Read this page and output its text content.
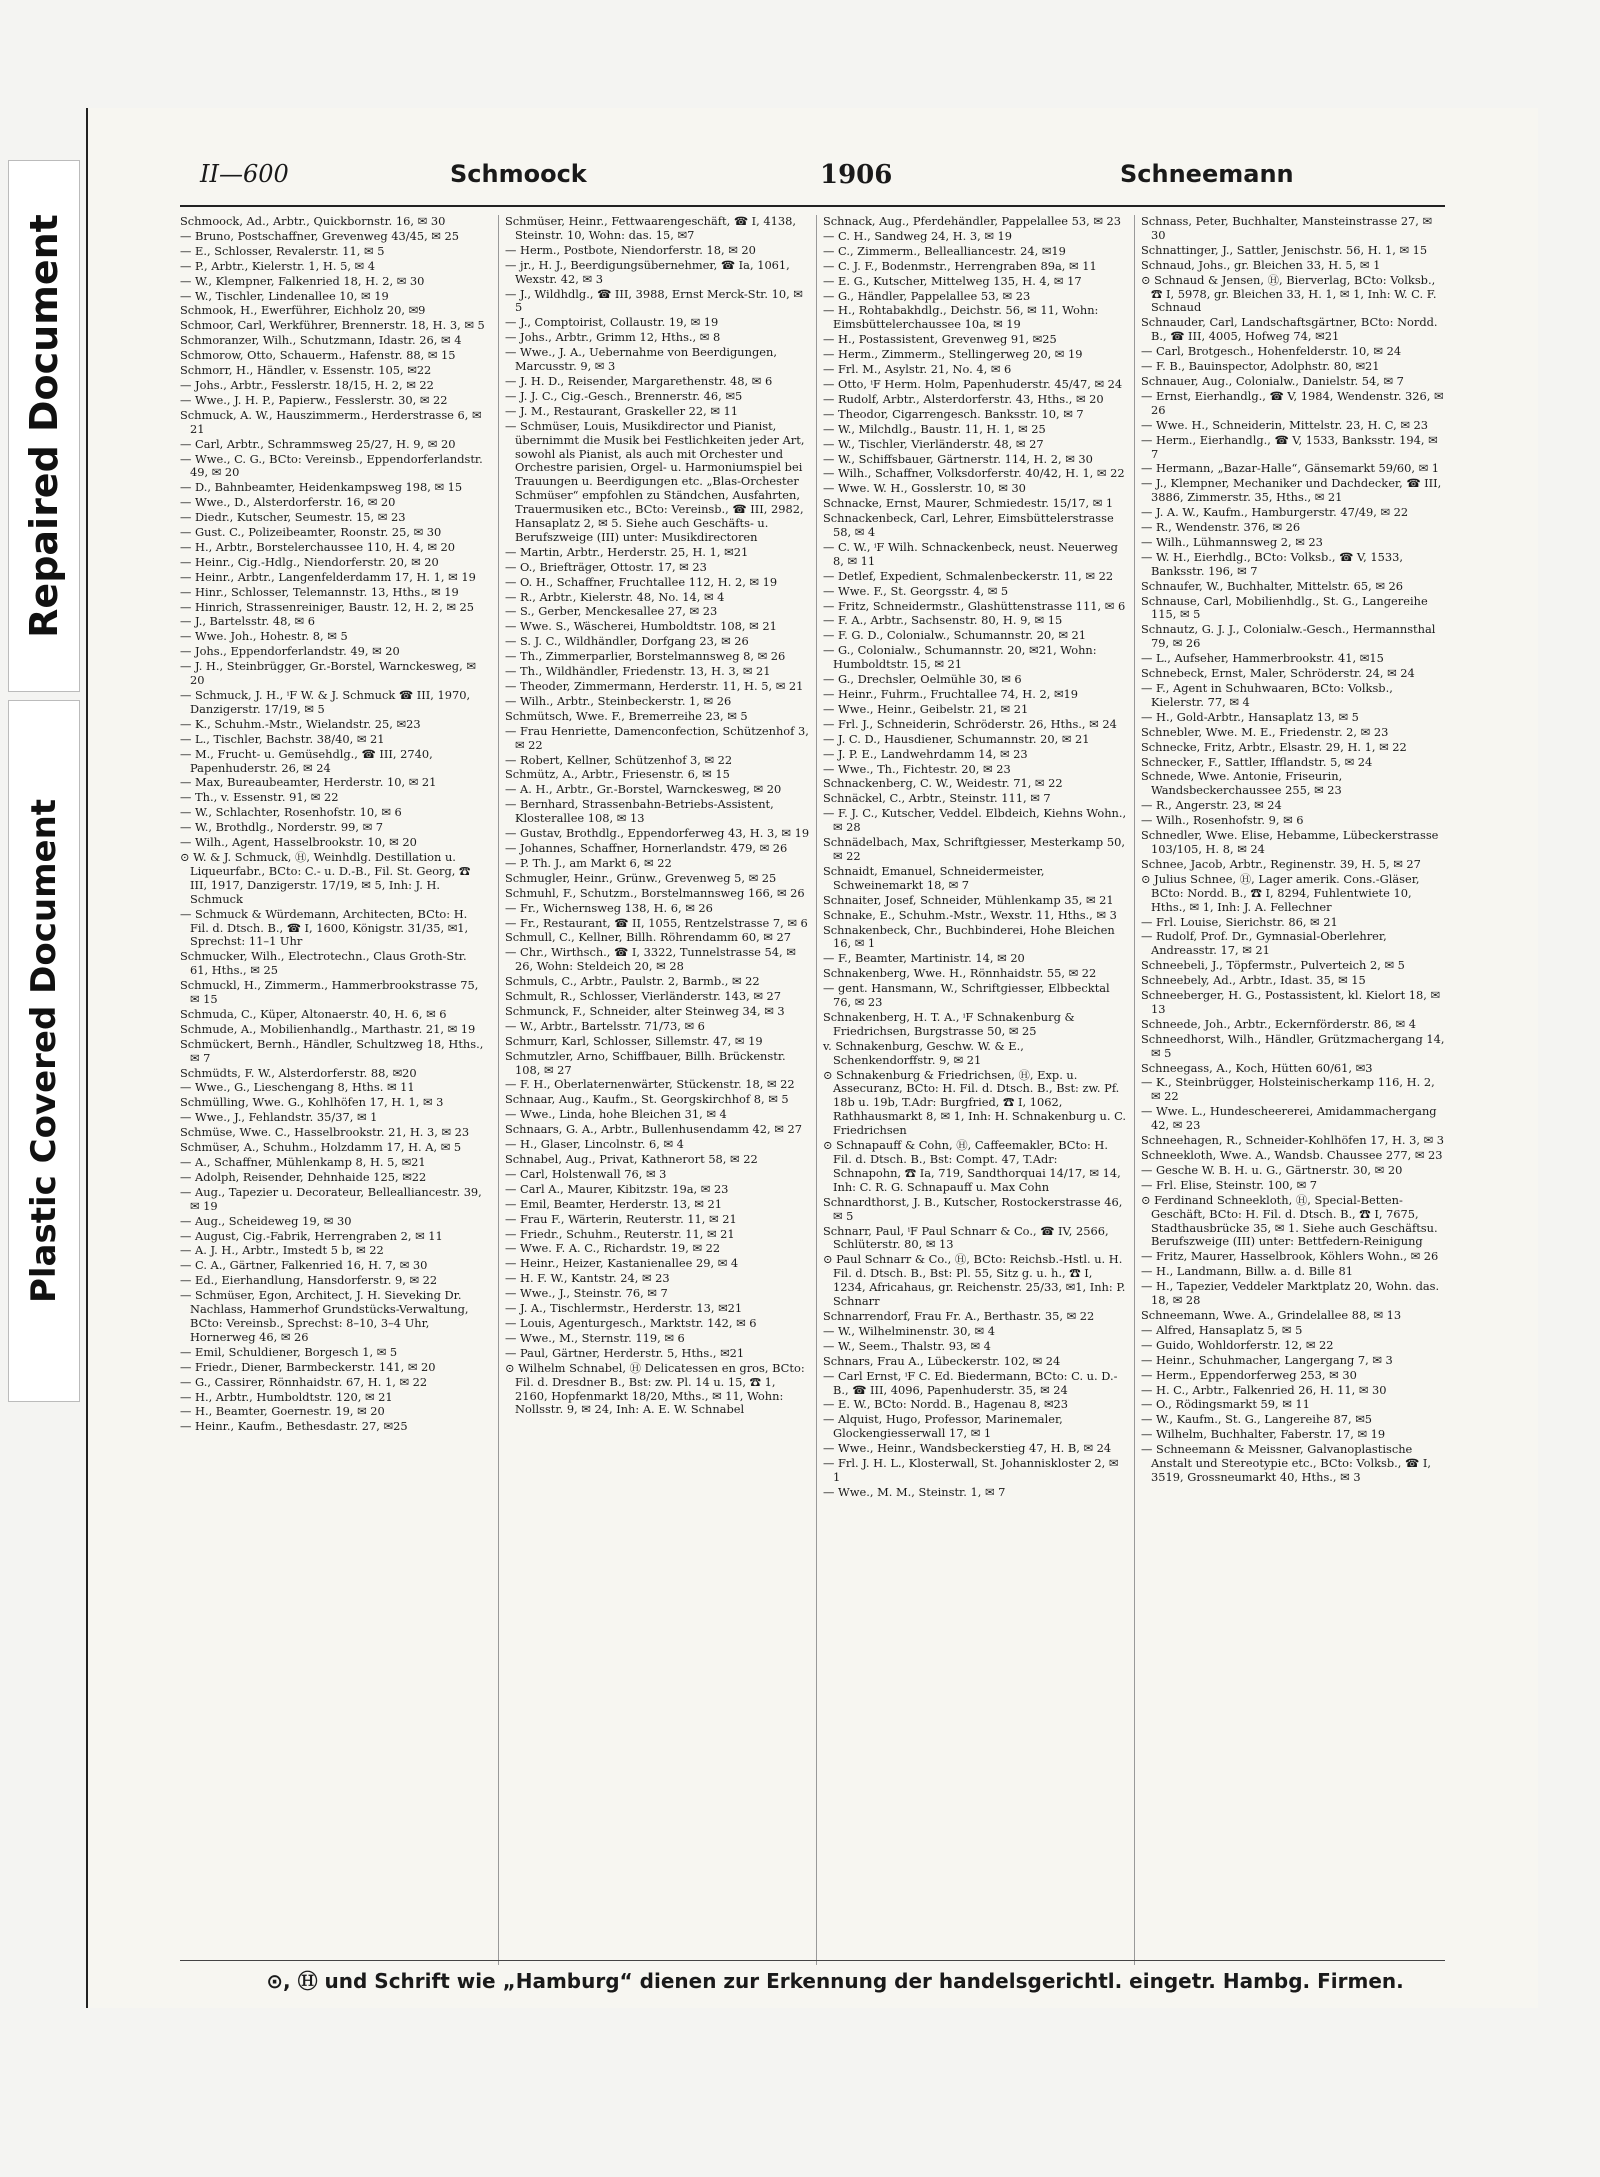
Repaired Document
Plastic Covered Document
II—600	Schmoock	1906	Schneemann
Schmoock, Ad., Arbtr., Quickbornstr. 16, ✉ 30
— Bruno, Postschaffner, Grevenweg 43/45, ✉ 25
— E., Schlosser, Revalerstr. 11, ✉ 5
— P., Arbtr., Kielerstr. 1, H. 5, ✉ 4
— W., Klempner, Falkenried 18, H. 2, ✉ 30
— W., Tischler, Lindenallee 10, ✉ 19
Schmook, H., Ewerführer, Eichholz 20, ✉9
Schmoor, Carl, Werkführer, Brennerstr. 18, H. 3, ✉ 5
Schmoranzer, Wilh., Schutzmann, Idastr. 26, ✉ 4
Schmorow, Otto, Schauerm., Hafenstr. 88, ✉ 15
Schmorr, H., Händler, v. Essenstr. 105, ✉22
— Johs., Arbtr., Fesslerstr. 18/15, H. 2, ✉ 22
— Wwe., J. H. P., Papierw., Fesslerstr. 30, ✉ 22
Schmuck, A. W., Hauszimmerm., Herderstrasse 6, ✉ 21
— Carl, Arbtr., Schrammsweg 25/27, H. 9, ✉ 20
— Wwe., C. G., BCto: Vereinsb., Eppendorferlandstr. 49, ✉ 20
— D., Bahnbeamter, Heidenkampsweg 198, ✉ 15
— Wwe., D., Alsterdorferstr. 16, ✉ 20
— Diedr., Kutscher, Seumestr. 15, ✉ 23
— Gust. C., Polizeibeamter, Roonstr. 25, ✉ 30
— H., Arbtr., Borstelerchaussee 110, H. 4, ✉ 20
— Heinr., Cig.-Hdlg., Niendorferstr. 20, ✉ 20
— Heinr., Arbtr., Langenfelderdamm 17, H. 1, ✉ 19
— Hinr., Schlosser, Telemannstr. 13, Hths., ✉ 19
— Hinrich, Strassenreiniger, Baustr. 12, H. 2, ✉ 25
— J., Bartelsstr. 48, ✉ 6
— Wwe. Joh., Hohestr. 8, ✉ 5
— Johs., Eppendorferlandstr. 49, ✉ 20
— J. H., Steinbrügger, Gr.-Borstel, Warnckesweg, ✉ 20
— Schmuck, J. H., ⁱF W. & J. Schmuck ☎ III, 1970, Danzigerstr. 17/19, ✉ 5
— K., Schuhm.-Mstr., Wielandstr. 25, ✉23
— L., Tischler, Bachstr. 38/40, ✉ 21
— M., Frucht- u. Gemüsehdlg., ☎ III, 2740, Papenhuderstr. 26, ✉ 24
— Max, Bureaubeamter, Herderstr. 10, ✉ 21
— Th., v. Essenstr. 91, ✉ 22
— W., Schlachter, Rosenhofstr. 10, ✉ 6
— W., Brothdlg., Norderstr. 99, ✉ 7
— Wilh., Agent, Hasselbrookstr. 10, ✉ 20
⊙ W. & J. Schmuck, Ⓗ, Weinhdlg. Destillation u. Liqueurfabr., BCto: C.- u. D.-B., Fil. St. Georg, ☎ III, 1917, Danzigerstr. 17/19, ✉ 5, Inh: J. H. Schmuck
— Schmuck & Würdemann, Architecten, BCto: H. Fil. d. Dtsch. B., ☎ I, 1600, Königstr. 31/35, ✉1, Sprechst: 11–1 Uhr
Schmucker, Wilh., Electrotechn., Claus Groth-Str. 61, Hths., ✉ 25
Schmuckl, H., Zimmerm., Hammerbrookstrasse 75, ✉ 15
Schmuda, C., Küper, Altonaerstr. 40, H. 6, ✉ 6
Schmude, A., Mobilienhandlg., Marthastr. 21, ✉ 19
Schmückert, Bernh., Händler, Schultzweg 18, Hths., ✉ 7
Schmüdts, F. W., Alsterdorferstr. 88, ✉20
— Wwe., G., Lieschengang 8, Hths. ✉ 11
Schmülling, Wwe. G., Kohlhöfen 17, H. 1, ✉ 3
— Wwe., J., Fehlandstr. 35/37, ✉ 1
Schmüse, Wwe. C., Hasselbrookstr. 21, H. 3, ✉ 23
Schmüser, A., Schuhm., Holzdamm 17, H. A, ✉ 5
— A., Schaffner, Mühlenkamp 8, H. 5, ✉21
— Adolph, Reisender, Dehnhaide 125, ✉22
— Aug., Tapezier u. Decorateur, Bellealliancestr. 39, ✉ 19
— Aug., Scheideweg 19, ✉ 30
— August, Cig.-Fabrik, Herrengraben 2, ✉ 11
— A. J. H., Arbtr., Imstedt 5 b, ✉ 22
— C. A., Gärtner, Falkenried 16, H. 7, ✉ 30
— Ed., Eierhandlung, Hansdorferstr. 9, ✉ 22
— Schmüser, Egon, Architect, J. H. Sieveking Dr. Nachlass, Hammerhof Grundstücks-Verwaltung, BCto: Vereinsb., Sprechst: 8–10, 3–4 Uhr, Hornerweg 46, ✉ 26
— Emil, Schuldiener, Borgesch 1, ✉ 5
— Friedr., Diener, Barmbeckerstr. 141, ✉ 20
— G., Cassirer, Rönnhaidstr. 67, H. 1, ✉ 22
— H., Arbtr., Humboldtstr. 120, ✉ 21
— H., Beamter, Goernestr. 19, ✉ 20
— Heinr., Kaufm., Bethesdastr. 27, ✉25
Schmüser, Heinr., Fettwaarengeschäft, ☎ I, 4138, Steinstr. 10, Wohn: das. 15, ✉7
— Herm., Postbote, Niendorferstr. 18, ✉ 20
— jr., H. J., Beerdigungsübernehmer, ☎ Ia, 1061, Wexstr. 42, ✉ 3
— J., Wildhdlg., ☎ III, 3988, Ernst Merck-Str. 10, ✉ 5
— J., Comptoirist, Collaustr. 19, ✉ 19
— Johs., Arbtr., Grimm 12, Hths., ✉ 8
— Wwe., J. A., Uebernahme von Beerdigungen, Marcusstr. 9, ✉ 3
— J. H. D., Reisender, Margarethenstr. 48, ✉ 6
— J. J. C., Cig.-Gesch., Brennerstr. 46, ✉5
— J. M., Restaurant, Graskeller 22, ✉ 11
— Schmüser, Louis, Musikdirector und Pianist, übernimmt die Musik bei Festlichkeiten jeder Art, sowohl als Pianist, als auch mit Orchester und Orchestre parisien, Orgel- u. Harmoniumspiel bei Trauungen u. Beerdigungen etc. „Blas-Orchester Schmüser“ empfohlen zu Ständchen, Ausfahrten, Trauermusiken etc., BCto: Vereinsb., ☎ III, 2982, Hansaplatz 2, ✉ 5. Siehe auch Geschäfts- u. Berufszweige (III) unter: Musikdirectoren
— Martin, Arbtr., Herderstr. 25, H. 1, ✉21
— O., Briefträger, Ottostr. 17, ✉ 23
— O. H., Schaffner, Fruchtallee 112, H. 2, ✉ 19
— R., Arbtr., Kielerstr. 48, No. 14, ✉ 4
— S., Gerber, Menckesallee 27, ✉ 23
— Wwe. S., Wäscherei, Humboldtstr. 108, ✉ 21
— S. J. C., Wildhändler, Dorfgang 23, ✉ 26
— Th., Zimmerparlier, Borstelmannsweg 8, ✉ 26
— Th., Wildhändler, Friedenstr. 13, H. 3, ✉ 21
— Theoder, Zimmermann, Herderstr. 11, H. 5, ✉ 21
— Wilh., Arbtr., Steinbeckerstr. 1, ✉ 26
Schmütsch, Wwe. F., Bremerreihe 23, ✉ 5
— Frau Henriette, Damenconfection, Schützenhof 3, ✉ 22
— Robert, Kellner, Schützenhof 3, ✉ 22
Schmütz, A., Arbtr., Friesenstr. 6, ✉ 15
— A. H., Arbtr., Gr.-Borstel, Warnckesweg, ✉ 20
— Bernhard, Strassenbahn-Betriebs-Assistent, Klosterallee 108, ✉ 13
— Gustav, Brothdlg., Eppendorferweg 43, H. 3, ✉ 19
— Johannes, Schaffner, Hornerlandstr. 479, ✉ 26
— P. Th. J., am Markt 6, ✉ 22
Schmugler, Heinr., Grünw., Grevenweg 5, ✉ 25
Schmuhl, F., Schutzm., Borstelmannsweg 166, ✉ 26
— Fr., Wichernsweg 138, H. 6, ✉ 26
— Fr., Restaurant, ☎ II, 1055, Rentzelstrasse 7, ✉ 6
Schmull, C., Kellner, Billh. Röhrendamm 60, ✉ 27
— Chr., Wirthsch., ☎ I, 3322, Tunnelstrasse 54, ✉ 26, Wohn: Steldeich 20, ✉ 28
Schmuls, C., Arbtr., Paulstr. 2, Barmb., ✉ 22
Schmult, R., Schlosser, Vierländerstr. 143, ✉ 27
Schmunck, F., Schneider, alter Steinweg 34, ✉ 3
— W., Arbtr., Bartelsstr. 71/73, ✉ 6
Schmurr, Karl, Schlosser, Sillemstr. 47, ✉ 19
Schmutzler, Arno, Schiffbauer, Billh. Brückenstr. 108, ✉ 27
— F. H., Oberlaternenwärter, Stückenstr. 18, ✉ 22
Schnaar, Aug., Kaufm., St. Georgskirchhof 8, ✉ 5
— Wwe., Linda, hohe Bleichen 31, ✉ 4
Schnaars, G. A., Arbtr., Bullenhusendamm 42, ✉ 27
— H., Glaser, Lincolnstr. 6, ✉ 4
Schnabel, Aug., Privat, Kathnerort 58, ✉ 22
— Carl, Holstenwall 76, ✉ 3
— Carl A., Maurer, Kibitzstr. 19a, ✉ 23
— Emil, Beamter, Herderstr. 13, ✉ 21
— Frau F., Wärterin, Reuterstr. 11, ✉ 21
— Friedr., Schuhm., Reuterstr. 11, ✉ 21
— Wwe. F. A. C., Richardstr. 19, ✉ 22
— Heinr., Heizer, Kastanienallee 29, ✉ 4
— H. F. W., Kantstr. 24, ✉ 23
— Wwe., J., Steinstr. 76, ✉ 7
— J. A., Tischlermstr., Herderstr. 13, ✉21
— Louis, Agenturgesch., Marktstr. 142, ✉ 6
— Wwe., M., Sternstr. 119, ✉ 6
— Paul, Gärtner, Herderstr. 5, Hths., ✉21
⊙ Wilhelm Schnabel, Ⓗ Delicatessen en gros, BCto: Fil. d. Dresdner B., Bst: zw. Pl. 14 u. 15, ☎ 1, 2160, Hopfenmarkt 18/20, Mths., ✉ 11, Wohn: Nollsstr. 9, ✉ 24, Inh: A. E. W. Schnabel
Schnack, Aug., Pferdehändler, Pappelallee 53, ✉ 23
— C. H., Sandweg 24, H. 3, ✉ 19
— C., Zimmerm., Bellealliancestr. 24, ✉19
— C. J. F., Bodenmstr., Herrengraben 89a, ✉ 11
— E. G., Kutscher, Mittelweg 135, H. 4, ✉ 17
— G., Händler, Pappelallee 53, ✉ 23
— H., Rohtabakhdlg., Deichstr. 56, ✉ 11, Wohn: Eimsbüttelerchaussee 10a, ✉ 19
— H., Postassistent, Grevenweg 91, ✉25
— Herm., Zimmerm., Stellingerweg 20, ✉ 19
— Frl. M., Asylstr. 21, No. 4, ✉ 6
— Otto, ⁱF Herm. Holm, Papenhuderstr. 45/47, ✉ 24
— Rudolf, Arbtr., Alsterdorferstr. 43, Hths., ✉ 20
— Theodor, Cigarrengesch. Banksstr. 10, ✉ 7
— W., Milchdlg., Baustr. 11, H. 1, ✉ 25
— W., Tischler, Vierländerstr. 48, ✉ 27
— W., Schiffsbauer, Gärtnerstr. 114, H. 2, ✉ 30
— Wilh., Schaffner, Volksdorferstr. 40/42, H. 1, ✉ 22
— Wwe. W. H., Gosslerstr. 10, ✉ 30
Schnacke, Ernst, Maurer, Schmiedestr. 15/17, ✉ 1
Schnackenbeck, Carl, Lehrer, Eimsbüttelerstrasse 58, ✉ 4
— C. W., ⁱF Wilh. Schnackenbeck, neust. Neuerweg 8, ✉ 11
— Detlef, Expedient, Schmalenbeckerstr. 11, ✉ 22
— Wwe. F., St. Georgsstr. 4, ✉ 5
— Fritz, Schneidermstr., Glashüttenstrasse 111, ✉ 6
— F. A., Arbtr., Sachsenstr. 80, H. 9, ✉ 15
— F. G. D., Colonialw., Schumannstr. 20, ✉ 21
— G., Colonialw., Schumannstr. 20, ✉21, Wohn: Humboldtstr. 15, ✉ 21
— G., Drechsler, Oelmühle 30, ✉ 6
— Heinr., Fuhrm., Fruchtallee 74, H. 2, ✉19
— Wwe., Heinr., Geibelstr. 21, ✉ 21
— Frl. J., Schneiderin, Schröderstr. 26, Hths., ✉ 24
— J. C. D., Hausdiener, Schumannstr. 20, ✉ 21
— J. P. E., Landwehrdamm 14, ✉ 23
— Wwe., Th., Fichtestr. 20, ✉ 23
Schnackenberg, C. W., Weidestr. 71, ✉ 22
Schnäckel, C., Arbtr., Steinstr. 111, ✉ 7
— F. J. C., Kutscher, Veddel. Elbdeich, Kiehns Wohn., ✉ 28
Schnädelbach, Max, Schriftgiesser, Mesterkamp 50, ✉ 22
Schnaidt, Emanuel, Schneidermeister, Schweinemarkt 18, ✉ 7
Schnaiter, Josef, Schneider, Mühlenkamp 35, ✉ 21
Schnake, E., Schuhm.-Mstr., Wexstr. 11, Hths., ✉ 3
Schnakenbeck, Chr., Buchbinderei, Hohe Bleichen 16, ✉ 1
— F., Beamter, Martinistr. 14, ✉ 20
Schnakenberg, Wwe. H., Rönnhaidstr. 55, ✉ 22
— gent. Hansmann, W., Schriftgiesser, Elbbecktal 76, ✉ 23
Schnakenberg, H. T. A., ⁱF Schnakenburg & Friedrichsen, Burgstrasse 50, ✉ 25
v. Schnakenburg, Geschw. W. & E., Schenkendorffstr. 9, ✉ 21
⊙ Schnakenburg & Friedrichsen, Ⓗ, Exp. u. Assecuranz, BCto: H. Fil. d. Dtsch. B., Bst: zw. Pf. 18b u. 19b, T.Adr: Burgfried, ☎ I, 1062, Rathhausmarkt 8, ✉ 1, Inh: H. Schnakenburg u. C. Friedrichsen
⊙ Schnapauff & Cohn, Ⓗ, Caffeemakler, BCto: H. Fil. d. Dtsch. B., Bst: Compt. 47, T.Adr: Schnapohn, ☎ Ia, 719, Sandthorquai 14/17, ✉ 14, Inh: C. R. G. Schnapauff u. Max Cohn
Schnardthorst, J. B., Kutscher, Rostockerstrasse 46, ✉ 5
Schnarr, Paul, ⁱF Paul Schnarr & Co., ☎ IV, 2566, Schlüterstr. 80, ✉ 13
⊙ Paul Schnarr & Co., Ⓗ, BCto: Reichsb.-Hstl. u. H. Fil. d. Dtsch. B., Bst: Pl. 55, Sitz g. u. h., ☎ I, 1234, Africahaus, gr. Reichenstr. 25/33, ✉1, Inh: P. Schnarr
Schnarrendorf, Frau Fr. A., Berthastr. 35, ✉ 22
— W., Wilhelminenstr. 30, ✉ 4
— W., Seem., Thalstr. 93, ✉ 4
Schnars, Frau A., Lübeckerstr. 102, ✉ 24
— Carl Ernst, ⁱF C. Ed. Biedermann, BCto: C. u. D.-B., ☎ III, 4096, Papenhuderstr. 35, ✉ 24
— E. W., BCto: Nordd. B., Hagenau 8, ✉23
— Alquist, Hugo, Professor, Marinemaler, Glockengiesserwall 17, ✉ 1
— Wwe., Heinr., Wandsbeckerstieg 47, H. B, ✉ 24
— Frl. J. H. L., Klosterwall, St. Johanniskloster 2, ✉ 1
— Wwe., M. M., Steinstr. 1, ✉ 7
Schnass, Peter, Buchhalter, Mansteinstrasse 27, ✉ 30
Schnattinger, J., Sattler, Jenischstr. 56, H. 1, ✉ 15
Schnaud, Johs., gr. Bleichen 33, H. 5, ✉ 1
⊙ Schnaud & Jensen, Ⓗ, Bierverlag, BCto: Volksb., ☎ I, 5978, gr. Bleichen 33, H. 1, ✉ 1, Inh: W. C. F. Schnaud
Schnauder, Carl, Landschaftsgärtner, BCto: Nordd. B., ☎ III, 4005, Hofweg 74, ✉21
— Carl, Brotgesch., Hohenfelderstr. 10, ✉ 24
— F. B., Bauinspector, Adolphstr. 80, ✉21
Schnauer, Aug., Colonialw., Danielstr. 54, ✉ 7
— Ernst, Eierhandlg., ☎ V, 1984, Wendenstr. 326, ✉ 26
— Wwe. H., Schneiderin, Mittelstr. 23, H. C, ✉ 23
— Herm., Eierhandlg., ☎ V, 1533, Banksstr. 194, ✉ 7
— Hermann, „Bazar-Halle“, Gänsemarkt 59/60, ✉ 1
— J., Klempner, Mechaniker und Dachdecker, ☎ III, 3886, Zimmerstr. 35, Hths., ✉ 21
— J. A. W., Kaufm., Hamburgerstr. 47/49, ✉ 22
— R., Wendenstr. 376, ✉ 26
— Wilh., Lühmannsweg 2, ✉ 23
— W. H., Eierhdlg., BCto: Volksb., ☎ V, 1533, Banksstr. 196, ✉ 7
Schnaufer, W., Buchhalter, Mittelstr. 65, ✉ 26
Schnause, Carl, Mobilienhdlg., St. G., Langereihe 115, ✉ 5
Schnautz, G. J. J., Colonialw.-Gesch., Hermannsthal 79, ✉ 26
— L., Aufseher, Hammerbrookstr. 41, ✉15
Schnebeck, Ernst, Maler, Schröderstr. 24, ✉ 24
— F., Agent in Schuhwaaren, BCto: Volksb., Kielerstr. 77, ✉ 4
— H., Gold-Arbtr., Hansaplatz 13, ✉ 5
Schnebler, Wwe. M. E., Friedenstr. 2, ✉ 23
Schnecke, Fritz, Arbtr., Elsastr. 29, H. 1, ✉ 22
Schnecker, F., Sattler, Ifflandstr. 5, ✉ 24
Schnede, Wwe. Antonie, Friseurin, Wandsbeckerchaussee 255, ✉ 23
— R., Angerstr. 23, ✉ 24
— Wilh., Rosenhofstr. 9, ✉ 6
Schnedler, Wwe. Elise, Hebamme, Lübeckerstrasse 103/105, H. 8, ✉ 24
Schnee, Jacob, Arbtr., Reginenstr. 39, H. 5, ✉ 27
⊙ Julius Schnee, Ⓗ, Lager amerik. Cons.-Gläser, BCto: Nordd. B., ☎ I, 8294, Fuhlentwiete 10, Hths., ✉ 1, Inh: J. A. Fellechner
— Frl. Louise, Sierichstr. 86, ✉ 21
— Rudolf, Prof. Dr., Gymnasial-Oberlehrer, Andreasstr. 17, ✉ 21
Schneebeli, J., Töpfermstr., Pulverteich 2, ✉ 5
Schneebely, Ad., Arbtr., Idast. 35, ✉ 15
Schneeberger, H. G., Postassistent, kl. Kielort 18, ✉ 13
Schneede, Joh., Arbtr., Eckernförderstr. 86, ✉ 4
Schneedhorst, Wilh., Händler, Grützmachergang 14, ✉ 5
Schneegass, A., Koch, Hütten 60/61, ✉3
— K., Steinbrügger, Holsteinischerkamp 116, H. 2, ✉ 22
— Wwe. L., Hundescheererei, Amidammachergang 42, ✉ 23
Schneehagen, R., Schneider-Kohlhöfen 17, H. 3, ✉ 3
Schneekloth, Wwe. A., Wandsb. Chaussee 277, ✉ 23
— Gesche W. B. H. u. G., Gärtnerstr. 30, ✉ 20
— Frl. Elise, Steinstr. 100, ✉ 7
⊙ Ferdinand Schneekloth, Ⓗ, Special-Betten-Geschäft, BCto: H. Fil. d. Dtsch. B., ☎ I, 7675, Stadthausbrücke 35, ✉ 1. Siehe auch Geschäftsu. Berufszweige (III) unter: Bettfedern-Reinigung
— Fritz, Maurer, Hasselbrook, Köhlers Wohn., ✉ 26
— H., Landmann, Billw. a. d. Bille 81
— H., Tapezier, Veddeler Marktplatz 20, Wohn. das. 18, ✉ 28
Schneemann, Wwe. A., Grindelallee 88, ✉ 13
— Alfred, Hansaplatz 5, ✉ 5
— Guido, Wohldorferstr. 12, ✉ 22
— Heinr., Schuhmacher, Langergang 7, ✉ 3
— Herm., Eppendorferweg 253, ✉ 30
— H. C., Arbtr., Falkenried 26, H. 11, ✉ 30
— O., Rödingsmarkt 59, ✉ 11
— W., Kaufm., St. G., Langereihe 87, ✉5
— Wilhelm, Buchhalter, Faberstr. 17, ✉ 19
— Schneemann & Meissner, Galvanoplastische Anstalt und Stereotypie etc., BCto: Volksb., ☎ I, 3519, Grossneumarkt 40, Hths., ✉ 3
⊙, Ⓗ und Schrift wie „Hamburg“ dienen zur Erkennung der handelsgerichtl. eingetr. Hambg. Firmen.
